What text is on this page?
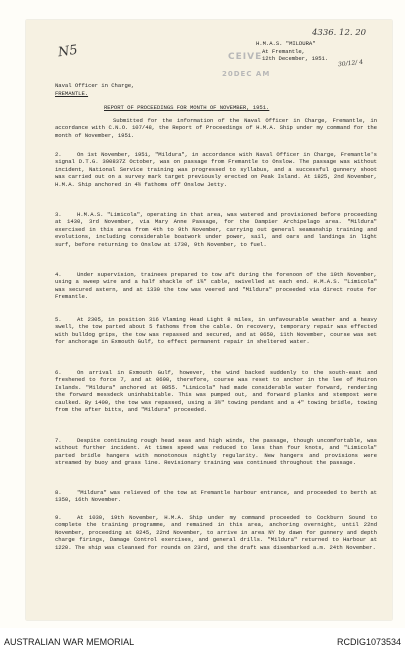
N5
4336. 12. 20
30/12/ 4
CEIVE
20DEC AM
H.M.A.S. "MILDURA"
At Fremantle,
12th December, 1951.
Naval Officer in Charge,
FREMANTLE.
REPORT OF PROCEEDINGS FOR MONTH OF NOVEMBER, 1951.
Submitted for the information of the Naval Officer in Charge, Fremantle, in accordance with C.N.O. 107/48, the Report of Proceedings of H.M.A. Ship under my command for the month of November, 1951.
2.	On 1st November, 1951, "Mildura", in accordance with Naval Officer in Charge, Fremantle's signal D.T.G. 300837Z October, was on passage from Fremantle to Onslow. The passage was without incident, National Service training was progressed to syllabus, and a successful gunnery shoot was carried out on a survey mark target previously erected on Peak Island. At 1825, 2nd November, H.M.A. Ship anchored in 4½ fathoms off Onslow Jetty.
3.	H.M.A.S. "Limicola", operating in that area, was watered and provisioned before proceeding at 1430, 3rd November, via Mary Anne Passage, for the Dampier Archipelago area. "Mildura" exercised in this area from 4th to 9th November, carrying out general seamanship training and evolutions, including considerable boatwork under power, sail, and oars and landings in light surf, before returning to Onslow at 1730, 9th November, to fuel.
4.	Under supervision, trainees prepared to tow aft during the forenoon of the 10th November, using a sweep wire and a half shackle of 1¾" cable, swivelled at each end. H.M.A.S. "Limicola" was secured astern, and at 1330 the tow was veered and "Mildura" proceeded via direct route for Fremantle.
5.	At 2305, in position 316 Vlaming Head Light 8 miles, in unfavourable weather and a heavy swell, the tow parted about 5 fathoms from the cable. On recovery, temporary repair was effected with bulldog grips, the tow was repassed and secured, and at 0650, 11th November, course was set for anchorage in Exmouth Gulf, to effect permanent repair in sheltered water.
6.	On arrival in Exmouth Gulf, however, the wind backed suddenly to the south-east and freshened to force 7, and at 0600, therefore, course was reset to anchor in the lee of Muiron Islands. "Mildura" anchored at 0855. "Limicola" had made considerable water forward, rendering the forward messdeck uninhabitable. This was pumped out, and forward planks and stempost were caulked. By 1400, the tow was repassed, using a 3½" towing pendant and a 4" towing bridle, towing from the after bitts, and "Mildura" proceeded.
7.	Despite continuing rough head seas and high winds, the passage, though uncomfortable, was without further incident. At times speed was reduced to less than four knots, and "Limicola" parted bridle hangers with monotonous nightly regularity. New hangers and provisions were streamed by buoy and grass line. Revisionary training was continued throughout the passage.
8.	"Mildura" was relieved of the tow at Fremantle harbour entrance, and proceeded to berth at 1350, 16th November.
9.	At 1030, 19th November, H.M.A. Ship under my command proceeded to Cockburn Sound to complete the training programme, and remained in this area, anchoring overnight, until 22nd November, proceeding at 0245, 22nd November, to arrive in area NY by dawn for gunnery and depth charge firings, Damage Control exercises, and general drills. "Mildura" returned to Harbour at 1220. The ship was cleansed for rounds on 23rd, and the draft was disembarked a.m. 24th November.
AUSTRALIAN WAR MEMORIAL	RCDIG1073534
